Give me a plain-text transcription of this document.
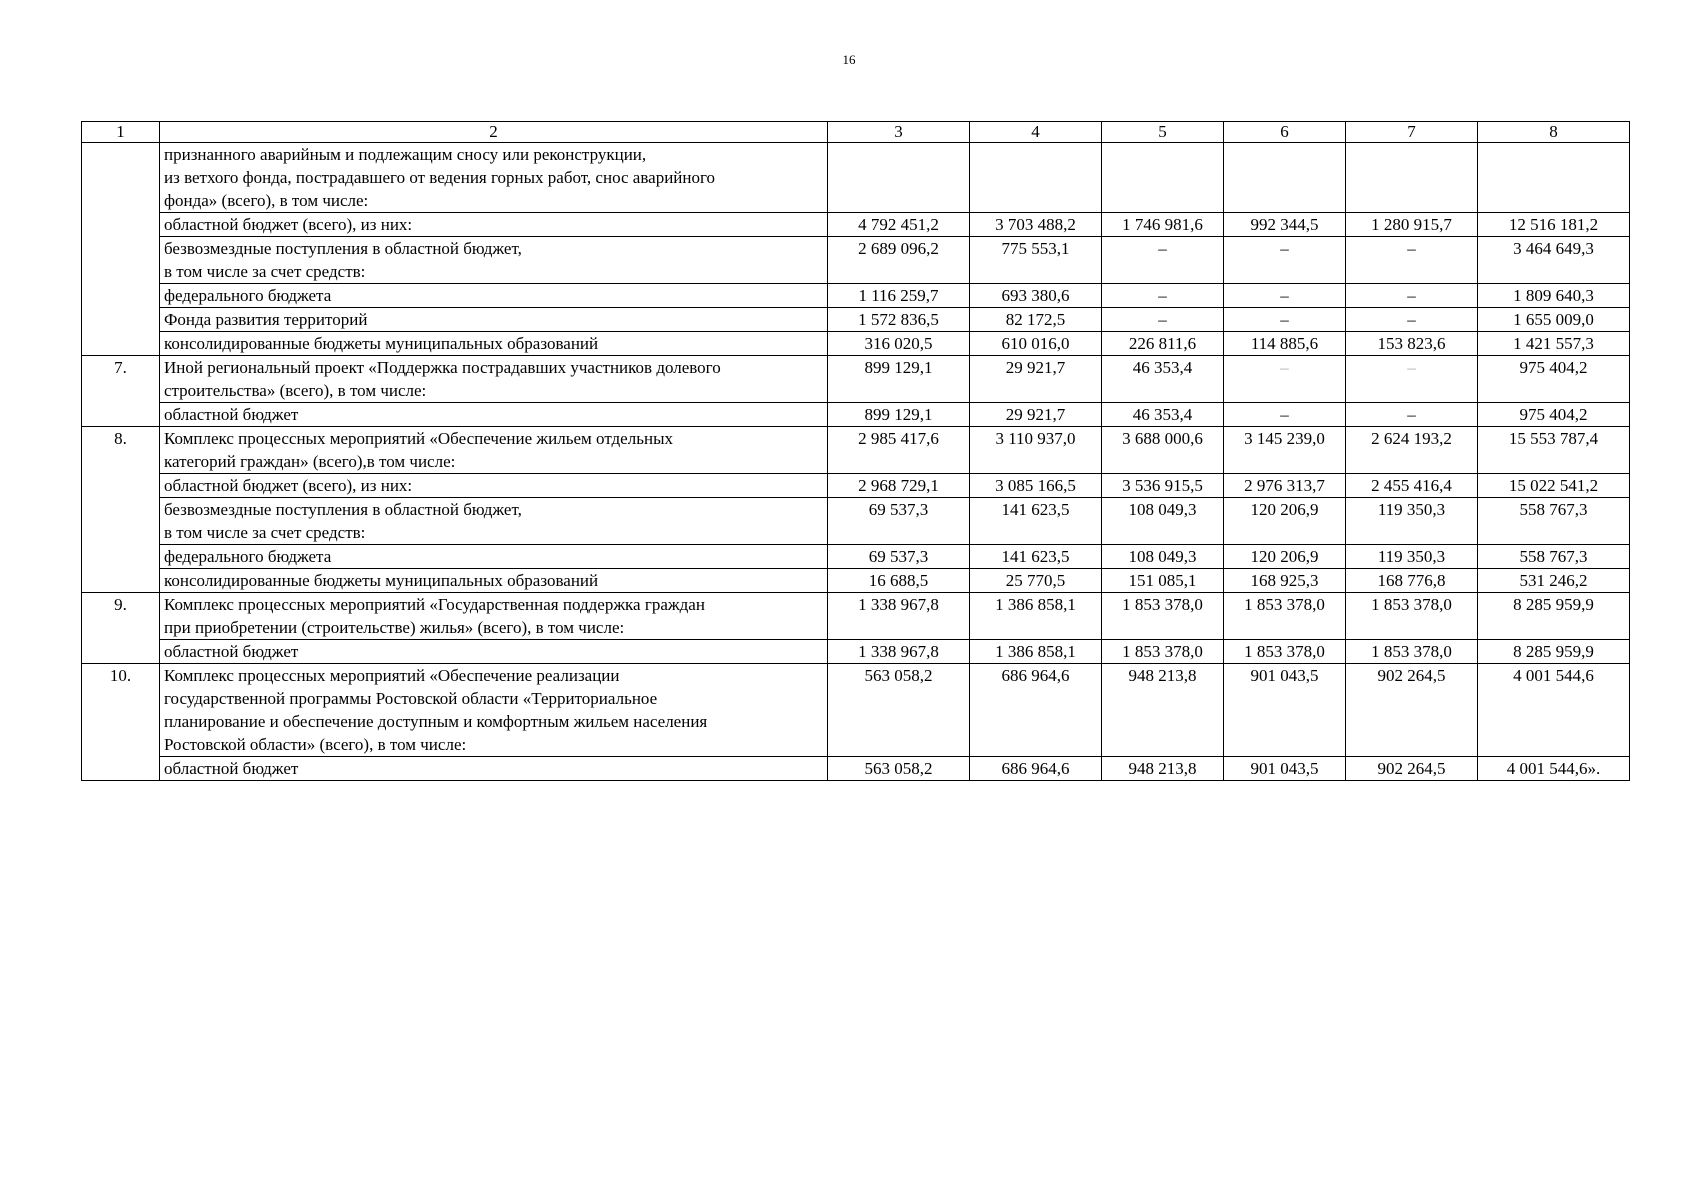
16
1	2	3	4	5	6	7	8

	признанного аварийным и подлежащим сносу или реконструкции,
из ветхого фонда, пострадавшего от ведения горных работ, снос аварийного
фонда» (всего), в том числе:						

	областной бюджет (всего), из них:	4 792 451,2	3 703 488,2	1 746 981,6	992 344,5	1 280 915,7	12 516 181,2

	безвозмездные поступления в областной бюджет,
в том числе за счет средств:	2 689 096,2	775 553,1	–	–	–	3 464 649,3

	федерального бюджета	1 116 259,7	693 380,6	–	–	–	1 809 640,3

	Фонда развития территорий	1 572 836,5	82 172,5	–	–	–	1 655 009,0

	консолидированные бюджеты муниципальных образований	316 020,5	610 016,0	226 811,6	114 885,6	153 823,6	1 421 557,3
7.	Иной региональный проект «Поддержка пострадавших участников долевого
строительства» (всего), в том числе:	899 129,1	29 921,7	46 353,4	–	–	975 404,2

	областной бюджет	899 129,1	29 921,7	46 353,4	–	–	975 404,2
8.	Комплекс процессных мероприятий «Обеспечение жильем отдельных
категорий граждан» (всего),в том числе:	2 985 417,6	3 110 937,0	3 688 000,6	3 145 239,0	2 624 193,2	15 553 787,4

	областной бюджет (всего), из них:	2 968 729,1	3 085 166,5	3 536 915,5	2 976 313,7	2 455 416,4	15 022 541,2

	безвозмездные поступления в областной бюджет,
в том числе за счет средств:	69 537,3	141 623,5	108 049,3	120 206,9	119 350,3	558 767,3

	федерального бюджета	69 537,3	141 623,5	108 049,3	120 206,9	119 350,3	558 767,3

	консолидированные бюджеты муниципальных образований	16 688,5	25 770,5	151 085,1	168 925,3	168 776,8	531 246,2
9.	Комплекс процессных мероприятий «Государственная поддержка граждан
при приобретении (строительстве) жилья» (всего), в том числе:	1 338 967,8	1 386 858,1	1 853 378,0	1 853 378,0	1 853 378,0	8 285 959,9

	областной бюджет	1 338 967,8	1 386 858,1	1 853 378,0	1 853 378,0	1 853 378,0	8 285 959,9
10.	Комплекс процессных мероприятий «Обеспечение реализации
государственной программы Ростовской области «Территориальное
планирование и обеспечение доступным и комфортным жильем населения
Ростовской области» (всего), в том числе:	563 058,2	686 964,6	948 213,8	901 043,5	902 264,5	4 001 544,6

	областной бюджет	563 058,2	686 964,6	948 213,8	901 043,5	902 264,5	4 001 544,6».
